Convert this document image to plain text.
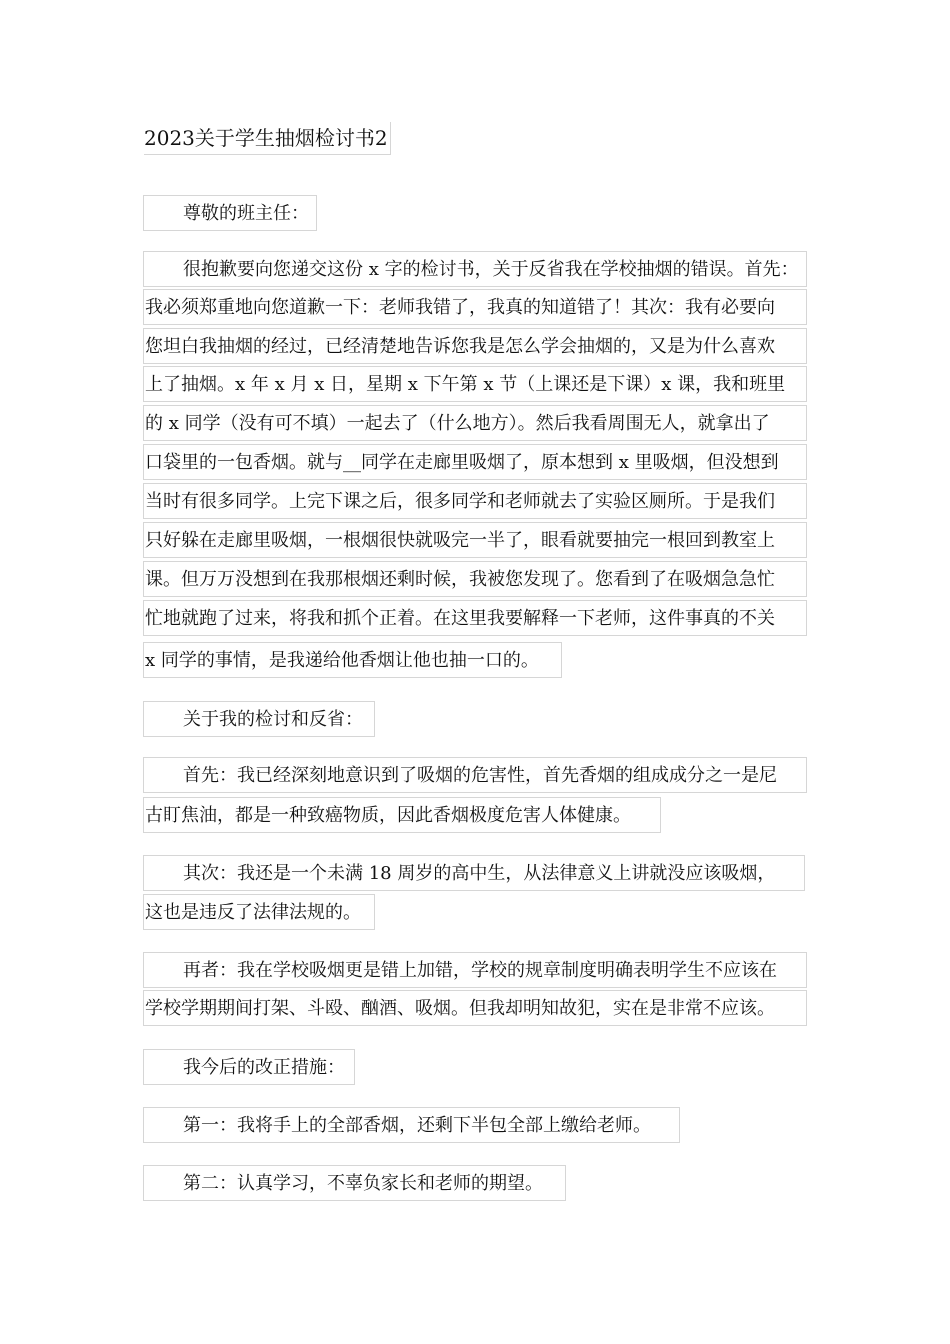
2023关于学生抽烟检讨书2
尊敬的班主任：
很抱歉要向您递交这份 x 字的检讨书，关于反省我在学校抽烟的错误。首先：
我必须郑重地向您道歉一下：老师我错了，我真的知道错了！其次：我有必要向
您坦白我抽烟的经过，已经清楚地告诉您我是怎么学会抽烟的，又是为什么喜欢
上了抽烟。x 年 x 月 x 日，星期 x 下午第 x 节（上课还是下课）x 课，我和班里
的 x 同学（没有可不填）一起去了（什么地方）。然后我看周围无人，就拿出了
口袋里的一包香烟。就与__同学在走廊里吸烟了，原本想到 x 里吸烟，但没想到
当时有很多同学。上完下课之后，很多同学和老师就去了实验区厕所。于是我们
只好躲在走廊里吸烟，一根烟很快就吸完一半了，眼看就要抽完一根回到教室上
课。但万万没想到在我那根烟还剩时候，我被您发现了。您看到了在吸烟急急忙
忙地就跑了过来，将我和抓个正着。在这里我要解释一下老师，这件事真的不关
x 同学的事情，是我递给他香烟让他也抽一口的。
关于我的检讨和反省：
首先：我已经深刻地意识到了吸烟的危害性，首先香烟的组成成分之一是尼
古盯焦油，都是一种致癌物质，因此香烟极度危害人体健康。
其次：我还是一个未满 18 周岁的高中生，从法律意义上讲就没应该吸烟，
这也是违反了法律法规的。
再者：我在学校吸烟更是错上加错，学校的规章制度明确表明学生不应该在
学校学期期间打架、斗殴、酗酒、吸烟。但我却明知故犯，实在是非常不应该。
我今后的改正措施：
第一：我将手上的全部香烟，还剩下半包全部上缴给老师。
第二：认真学习，不辜负家长和老师的期望。
